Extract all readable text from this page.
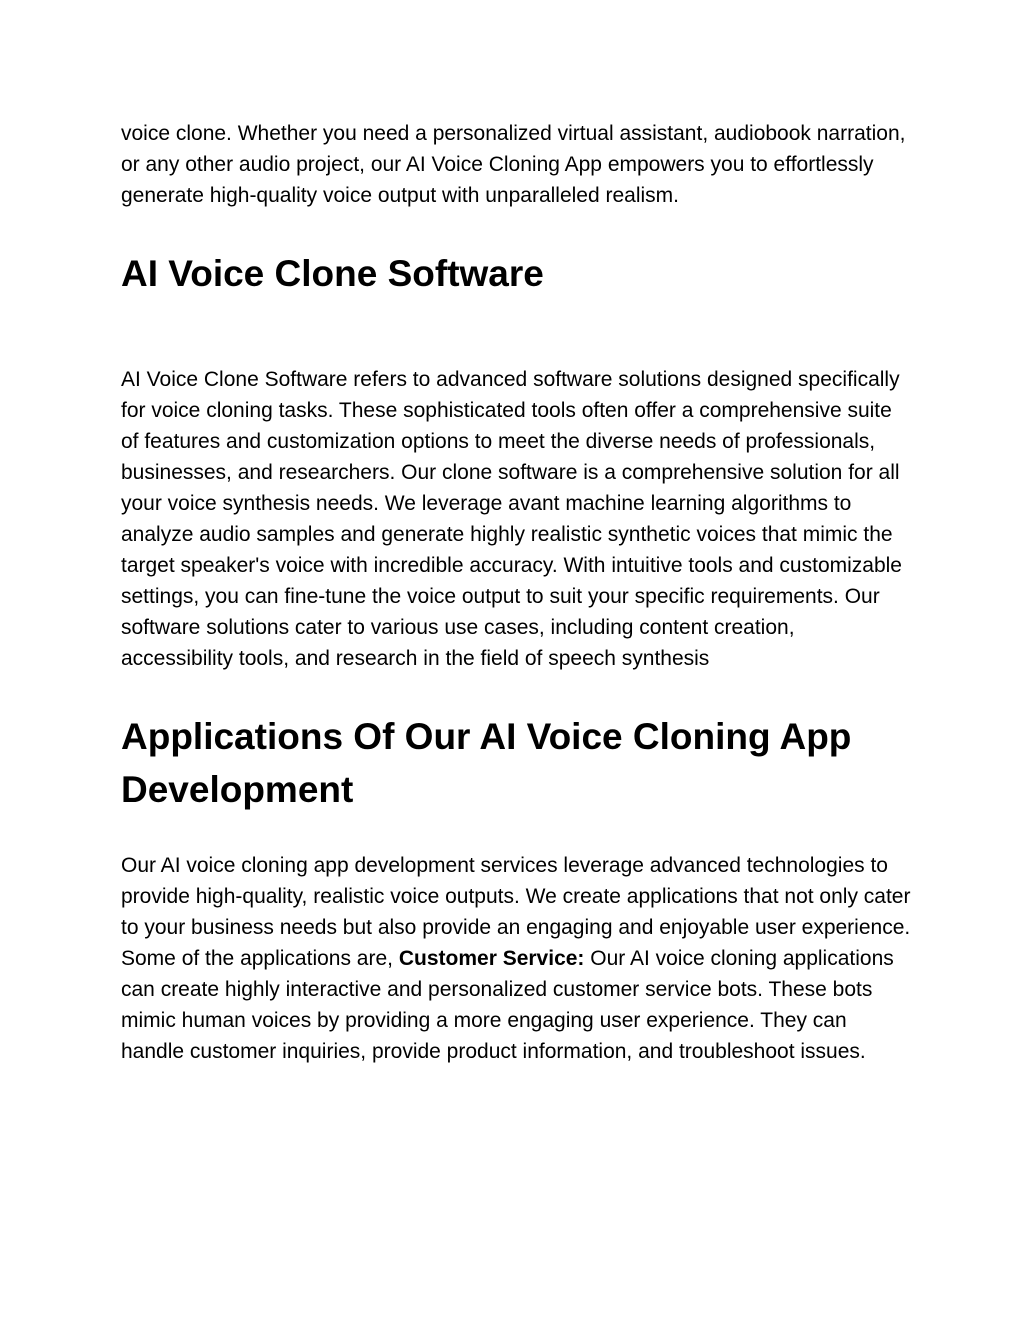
voice clone. Whether you need a personalized virtual assistant, audiobook narration, or any other audio project, our AI Voice Cloning App empowers you to effortlessly generate high-quality voice output with unparalleled realism.

AI Voice Clone Software

AI Voice Clone Software refers to advanced software solutions designed specifically for voice cloning tasks. These sophisticated tools often offer a comprehensive suite of features and customization options to meet the diverse needs of professionals, businesses, and researchers. Our clone software is a comprehensive solution for all your voice synthesis needs. We leverage avant machine learning algorithms to analyze audio samples and generate highly realistic synthetic voices that mimic the target speaker's voice with incredible accuracy. With intuitive tools and customizable settings, you can fine-tune the voice output to suit your specific requirements. Our software solutions cater to various use cases, including content creation, accessibility tools, and research in the field of speech synthesis

Applications Of Our AI Voice Cloning App Development

Our AI voice cloning app development services leverage advanced technologies to provide high-quality, realistic voice outputs. We create applications that not only cater to your business needs but also provide an engaging and enjoyable user experience. Some of the applications are, Customer Service: Our AI voice cloning applications can create highly interactive and personalized customer service bots. These bots mimic human voices by providing a more engaging user experience. They can handle customer inquiries, provide product information, and troubleshoot issues.
